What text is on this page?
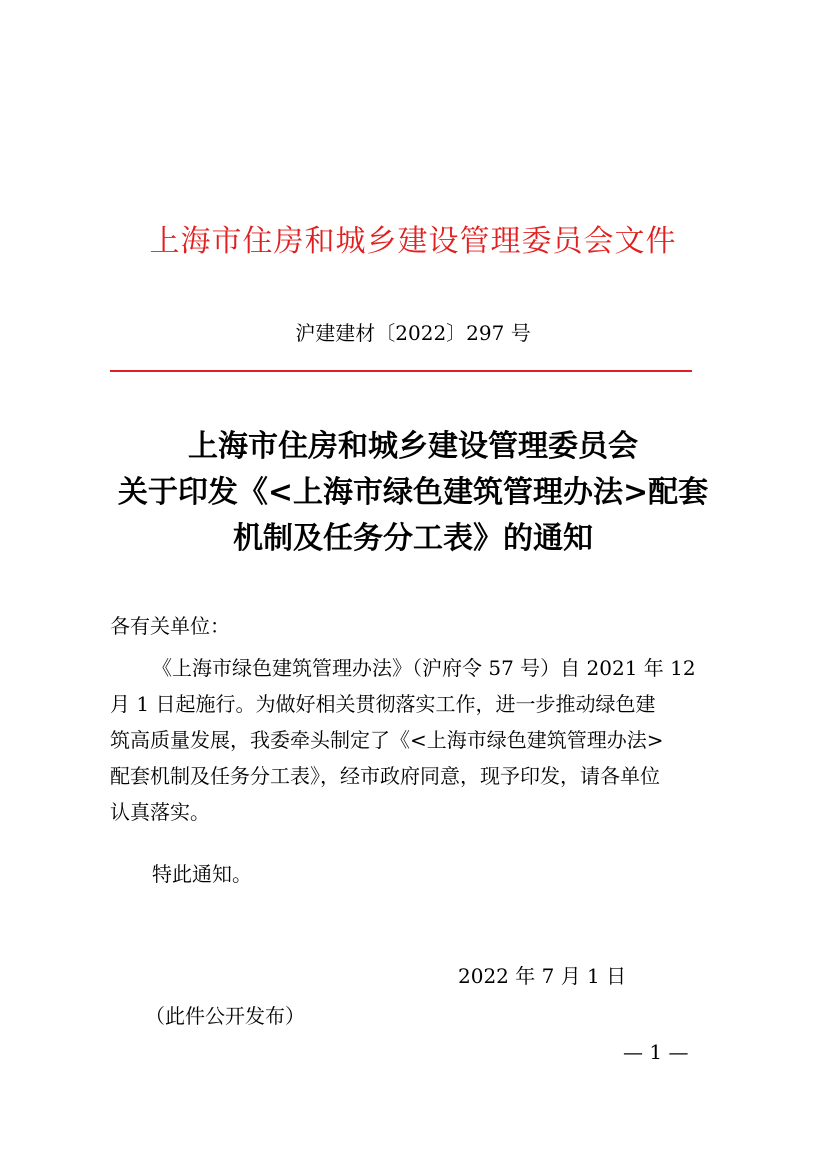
上海市住房和城乡建设管理委员会文件
沪建建材〔2022〕297 号
上海市住房和城乡建设管理委员会
关于印发《<上海市绿色建筑管理办法>配套
机制及任务分工表》的通知
各有关单位：
《上海市绿色建筑管理办法》（沪府令 57 号）自 2021 年 12
月 1 日起施行。为做好相关贯彻落实工作，进一步推动绿色建
筑高质量发展，我委牵头制定了《<上海市绿色建筑管理办法>
配套机制及任务分工表》，经市政府同意，现予印发，请各单位
认真落实。
特此通知。
2022 年 7 月 1 日
（此件公开发布）
— 1 —
